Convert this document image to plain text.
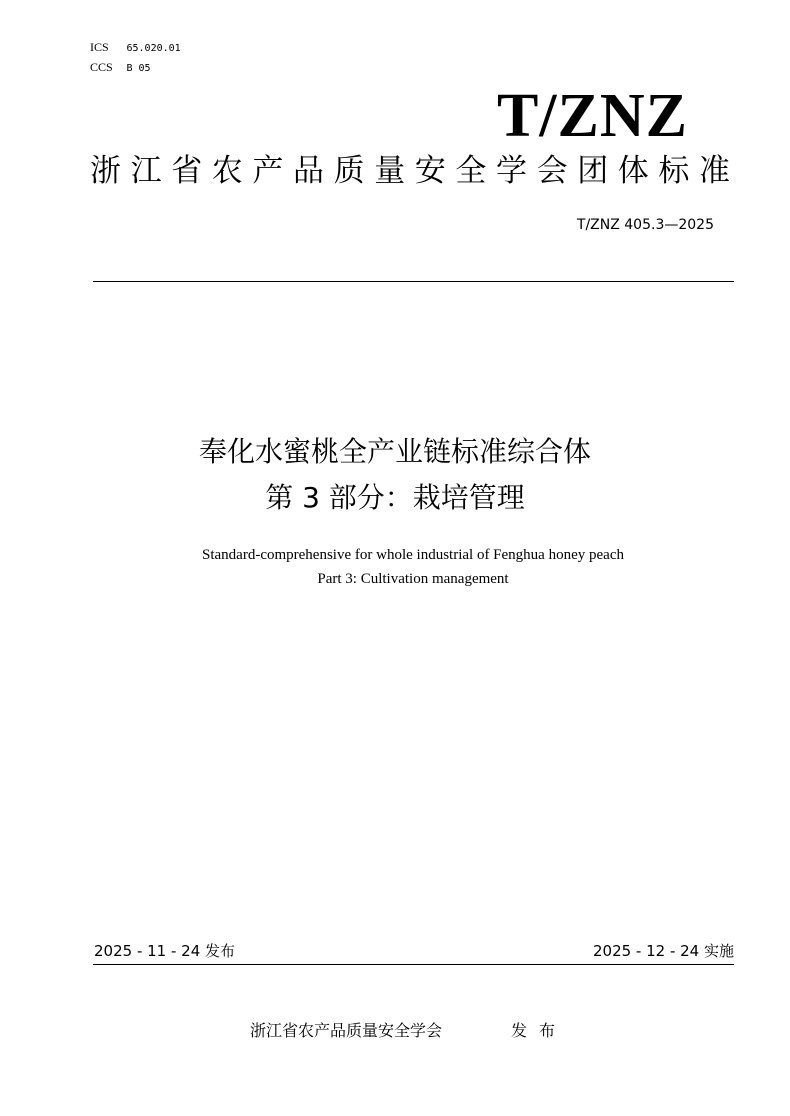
ICS 65.020.01
CCS B 05
T/ZNZ
浙江省农产品质量安全学会团体标准
T/ZNZ 405.3—2025
奉化水蜜桃全产业链标准综合体
第 3 部分：栽培管理
Standard-comprehensive for whole industrial of Fenghua honey peach
Part 3: Cultivation management
2025 - 11 - 24 发布	2025 - 12 - 24 实施
浙江省农产品质量安全学会	发布
